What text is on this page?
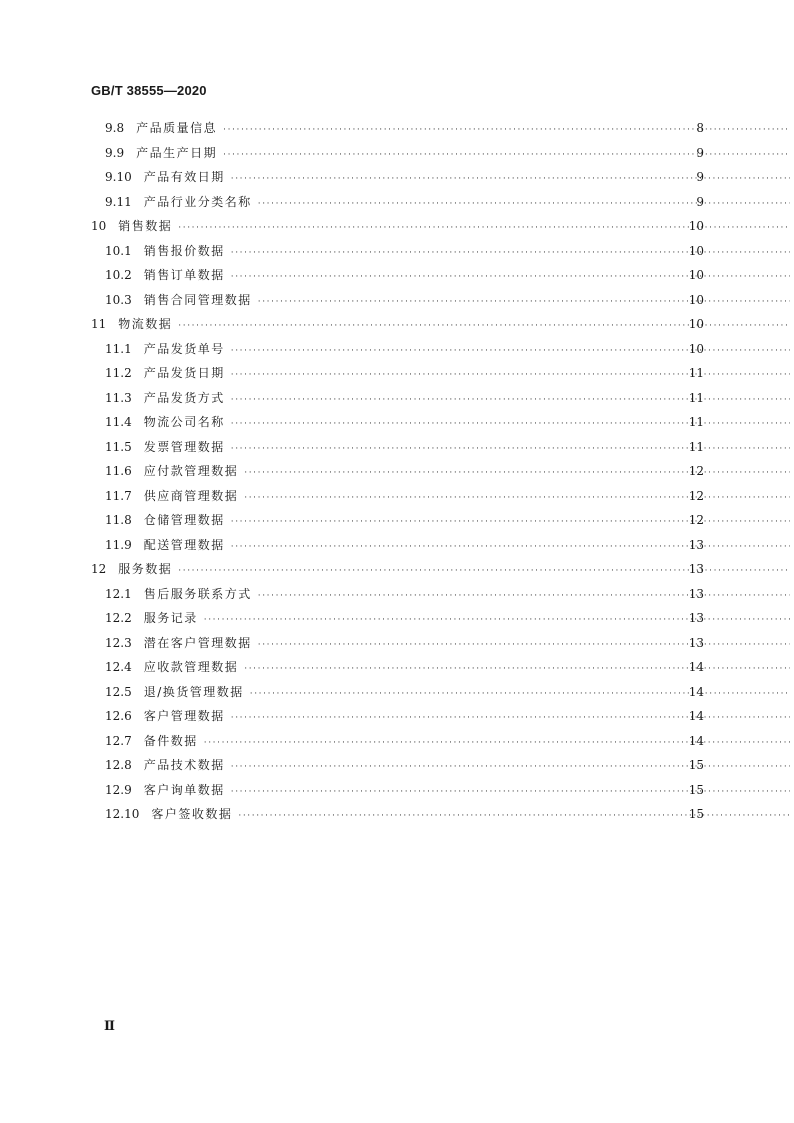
GB/T 38555—2020
9.8	产品质量信息 ·····	8
9.9	产品生产日期 ·····	9
9.10	产品有效日期 ·····	9
9.11	产品行业分类名称 ·····	9
10	销售数据 ·····	10
10.1	销售报价数据 ·····	10
10.2	销售订单数据 ·····	10
10.3	销售合同管理数据 ·····	10
11	物流数据 ·····	10
11.1	产品发货单号 ·····	10
11.2	产品发货日期 ·····	11
11.3	产品发货方式 ·····	11
11.4	物流公司名称 ·····	11
11.5	发票管理数据 ·····	11
11.6	应付款管理数据 ·····	12
11.7	供应商管理数据 ·····	12
11.8	仓储管理数据 ·····	12
11.9	配送管理数据 ·····	13
12	服务数据 ·····	13
12.1	售后服务联系方式 ·····	13
12.2	服务记录 ·····	13
12.3	潜在客户管理数据 ·····	13
12.4	应收款管理数据 ·····	14
12.5	退/换货管理数据 ·····	14
12.6	客户管理数据 ·····	14
12.7	备件数据 ·····	14
12.8	产品技术数据 ·····	15
12.9	客户询单数据 ·····	15
12.10	客户签收数据 ·····	15
Ⅱ
